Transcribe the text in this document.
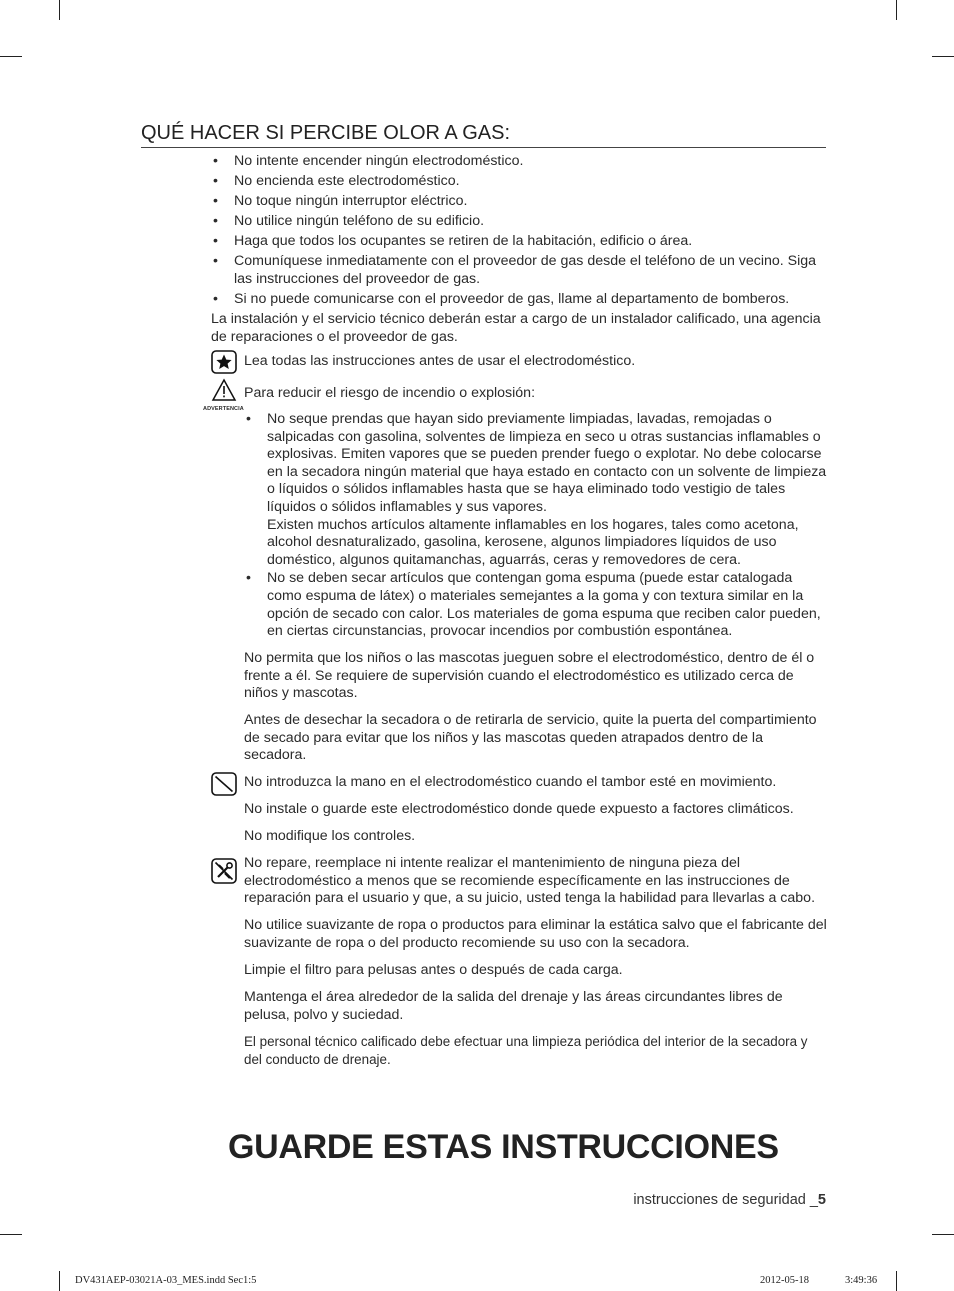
QUÉ HACER SI PERCIBE OLOR A GAS:
• No intente encender ningún electrodoméstico.
• No encienda este electrodoméstico.
• No toque ningún interruptor eléctrico.
• No utilice ningún teléfono de su edificio.
• Haga que todos los ocupantes se retiren de la habitación, edificio o área.
• Comuníquese inmediatamente con el proveedor de gas desde el teléfono de un vecino. Siga las instrucciones del proveedor de gas.
• Si no puede comunicarse con el proveedor de gas, llame al departamento de bomberos.
La instalación y el servicio técnico deberán estar a cargo de un instalador calificado, una agencia de reparaciones o el proveedor de gas.
Lea todas las instrucciones antes de usar el electrodoméstico.
ADVERTENCIA
Para reducir el riesgo de incendio o explosión:
• No seque prendas que hayan sido previamente limpiadas, lavadas, remojadas o salpicadas con gasolina, solventes de limpieza en seco u otras sustancias inflamables o explosivas. Emiten vapores que se pueden prender fuego o explotar. No debe colocarse en la secadora ningún material que haya estado en contacto con un solvente de limpieza o líquidos o sólidos inflamables hasta que se haya eliminado todo vestigio de tales líquidos o sólidos inflamables y sus vapores.
Existen muchos artículos altamente inflamables en los hogares, tales como acetona, alcohol desnaturalizado, gasolina, kerosene, algunos limpiadores líquidos de uso doméstico, algunos quitamanchas, aguarrás, ceras y removedores de cera.
• No se deben secar artículos que contengan goma espuma (puede estar catalogada como espuma de látex) o materiales semejantes a la goma y con textura similar en la opción de secado con calor. Los materiales de goma espuma que reciben calor pueden, en ciertas circunstancias, provocar incendios por combustión espontánea.
No permita que los niños o las mascotas jueguen sobre el electrodoméstico, dentro de él o frente a él. Se requiere de supervisión cuando el electrodoméstico es utilizado cerca de niños y mascotas.
Antes de desechar la secadora o de retirarla de servicio, quite la puerta del compartimiento de secado para evitar que los niños y las mascotas queden atrapados dentro de la secadora.
No introduzca la mano en el electrodoméstico cuando el tambor esté en movimiento.
No instale o guarde este electrodoméstico donde quede expuesto a factores climáticos.
No modifique los controles.
No repare, reemplace ni intente realizar el mantenimiento de ninguna pieza del electrodoméstico a menos que se recomiende específicamente en las instrucciones de reparación para el usuario y que, a su juicio, usted tenga la habilidad para llevarlas a cabo.
No utilice suavizante de ropa o productos para eliminar la estática salvo que el fabricante del suavizante de ropa o del producto recomiende su uso con la secadora.
Limpie el filtro para pelusas antes o después de cada carga.
Mantenga el área alrededor de la salida del drenaje y las áreas circundantes libres de pelusa, polvo y suciedad.
El personal técnico calificado debe efectuar una limpieza periódica del interior de la secadora y del conducto de drenaje.
GUARDE ESTAS INSTRUCCIONES
instrucciones de seguridad _5
DV431AEP-03021A-03_MES.indd Sec1:5	2012-05-18	3:49:36
